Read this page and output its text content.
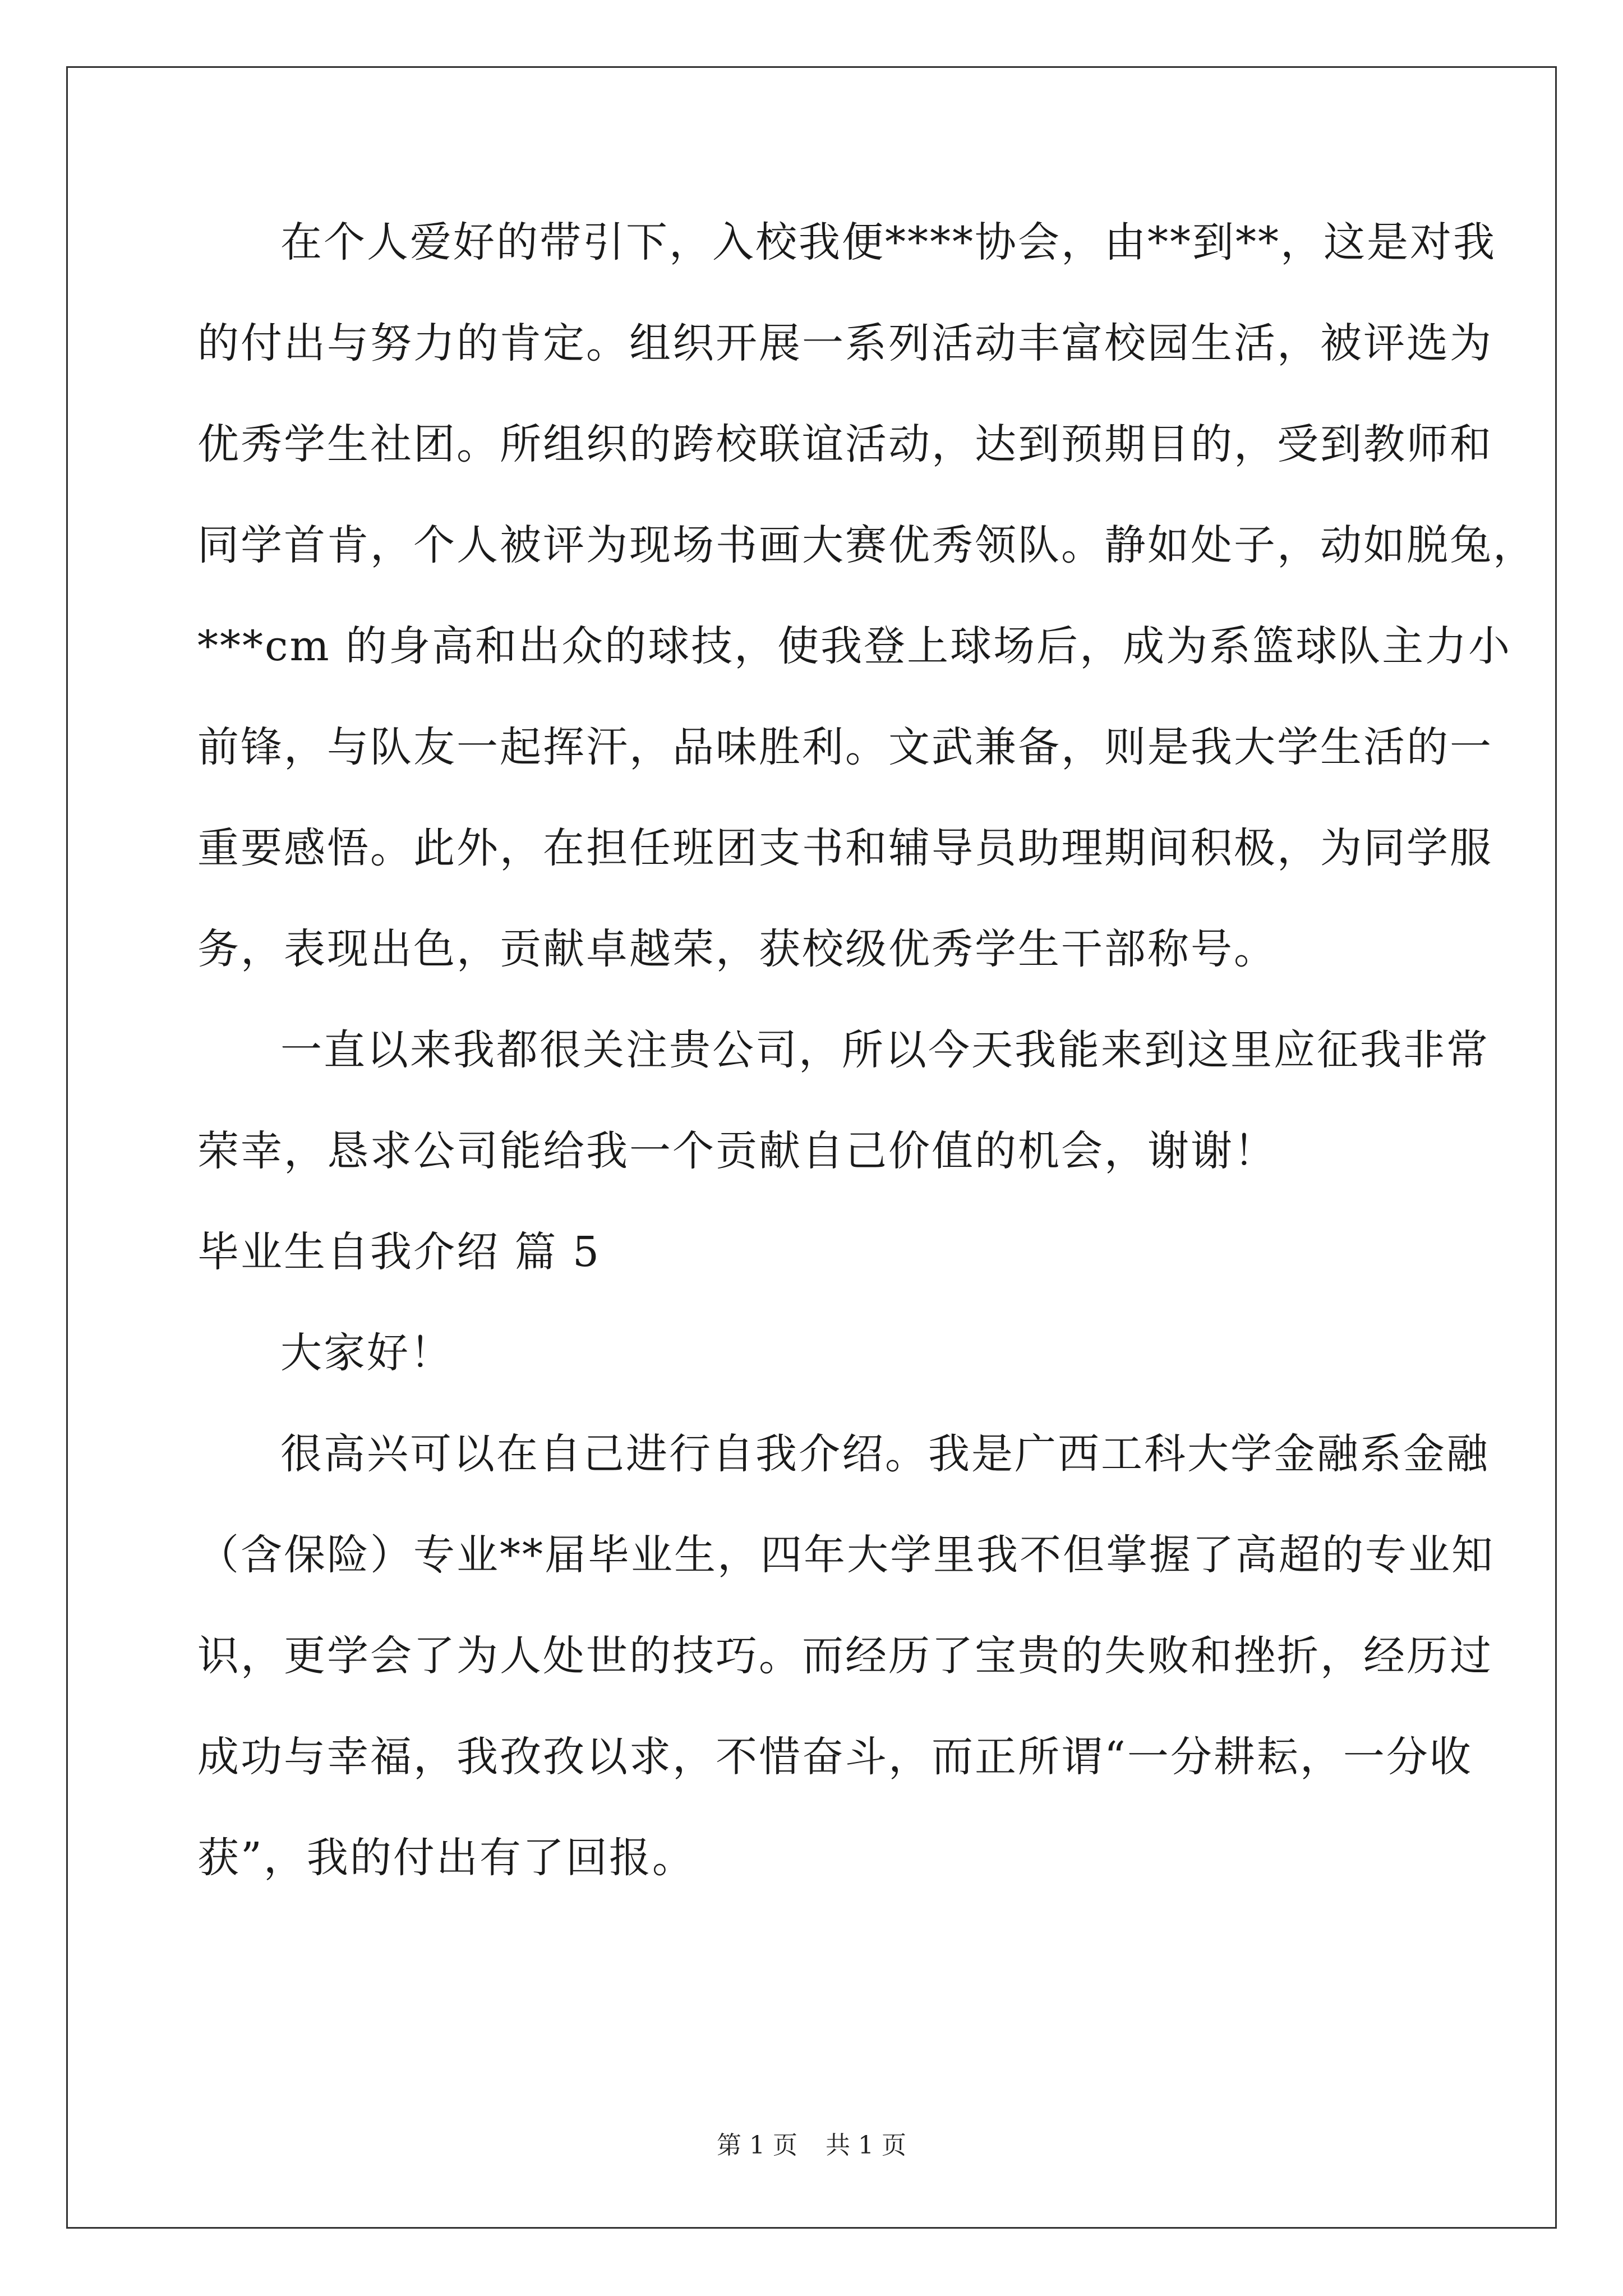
在个人爱好的带引下，入校我便****协会，由**到**，这是对我
的付出与努力的肯定。组织开展一系列活动丰富校园生活，被评选为
优秀学生社团。所组织的跨校联谊活动，达到预期目的，受到教师和
同学首肯，个人被评为现场书画大赛优秀领队。静如处子，动如脱兔，
***cm 的身高和出众的球技，使我登上球场后，成为系篮球队主力小
前锋，与队友一起挥汗，品味胜利。文武兼备，则是我大学生活的一
重要感悟。此外，在担任班团支书和辅导员助理期间积极，为同学服
务，表现出色，贡献卓越荣，获校级优秀学生干部称号。
一直以来我都很关注贵公司，所以今天我能来到这里应征我非常
荣幸，恳求公司能给我一个贡献自己价值的机会，谢谢！
毕业生自我介绍 篇 5
大家好！
很高兴可以在自己进行自我介绍。我是广西工科大学金融系金融
（含保险）专业**届毕业生，四年大学里我不但掌握了高超的专业知
识，更学会了为人处世的技巧。而经历了宝贵的失败和挫折，经历过
成功与幸福，我孜孜以求，不惜奋斗，而正所谓“一分耕耘，一分收
获”，我的付出有了回报。
第 1 页 共 1 页
